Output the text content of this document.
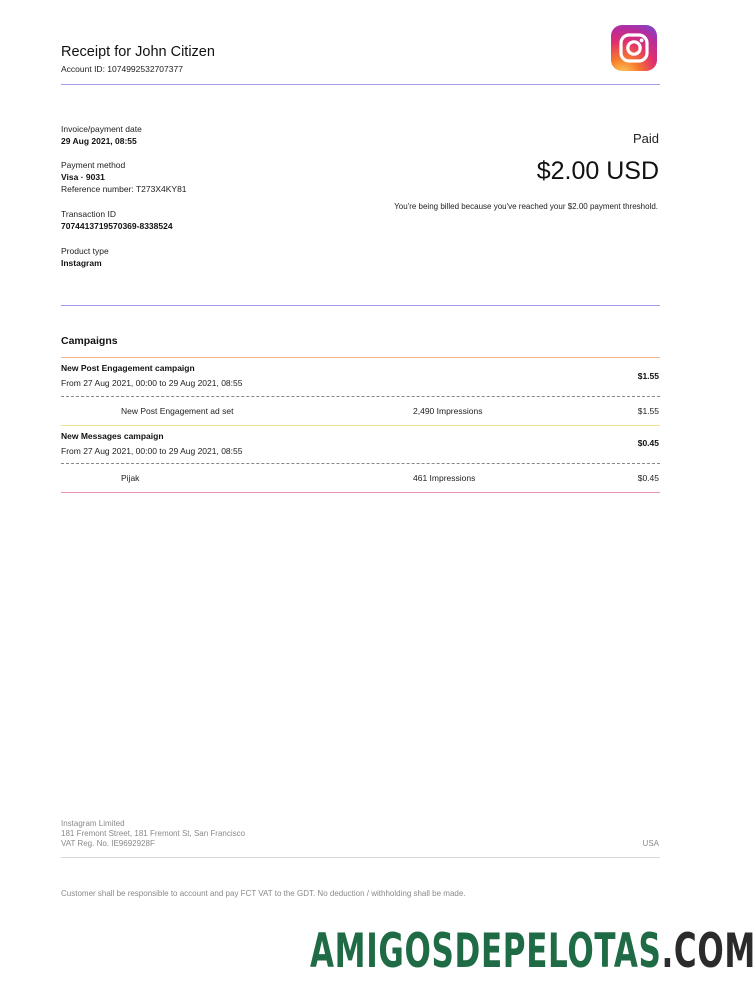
Receipt for John Citizen
Account ID: 1074992532707377
Invoice/payment date
29 Aug 2021, 08:55
Payment method
Visa · 9031
Reference number: T273X4KY81
Transaction ID
7074413719570369-8338524
Product type
Instagram
Paid
$2.00 USD
You're being billed because you've reached your $2.00 payment threshold.
Campaigns
New Post Engagement campaign
From 27 Aug 2021, 00:00 to 29 Aug 2021, 08:55
$1.55
New Post Engagement ad set	2,490 Impressions	$1.55
New Messages campaign
From 27 Aug 2021, 00:00 to 29 Aug 2021, 08:55
$0.45
Pijak	461 Impressions	$0.45
Instagram Limited
181 Fremont Street, 181 Fremont St, San Francisco
VAT Reg. No. IE9692928F	USA
Customer shall be responsible to account and pay FCT VAT to the GDT. No deduction / withholding shall be made.
AMIGOSDEPELOTAS.COM
